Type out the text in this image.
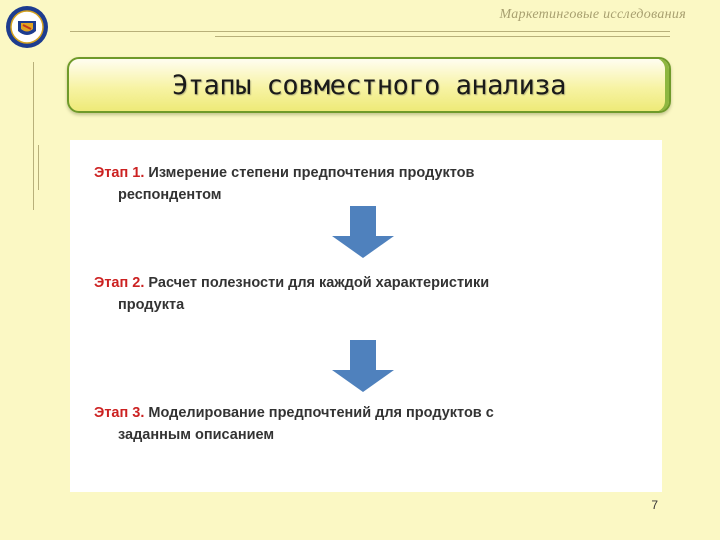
Маркетинговые исследования
Этапы совместного анализа
Этап 1. Измерение степени предпочтения продуктов
респондентом
Этап 2. Расчет полезности для каждой характеристики
продукта
Этап 3. Моделирование предпочтений для продуктов с
заданным описанием
7
